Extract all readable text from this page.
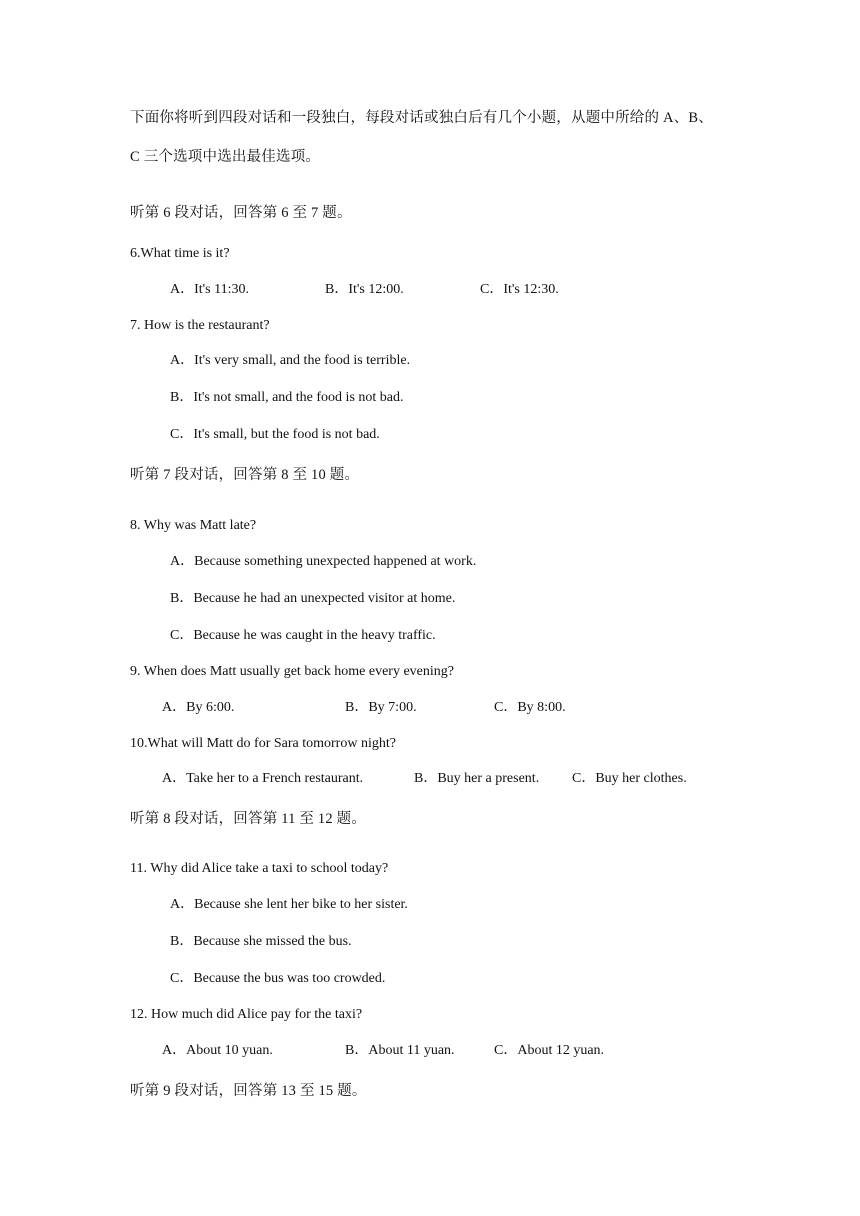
下面你将听到四段对话和一段独白，每段对话或独白后有几个小题，从题中所给的 A、B、
C 三个选项中选出最佳选项。
听第 6 段对话，回答第 6 至 7 题。
6.What time is it?
A．It's 11:30.	B．It's 12:00.	C．It's 12:30.
7. How is the restaurant?
A．It's very small, and the food is terrible.
B．It's not small, and the food is not bad.
C．It's small, but the food is not bad.
听第 7 段对话，回答第 8 至 10 题。
8. Why was Matt late?
A．Because something unexpected happened at work.
B．Because he had an unexpected visitor at home.
C．Because he was caught in the heavy traffic.
9. When does Matt usually get back home every evening?
A．By 6:00.	B．By 7:00.	C．By 8:00.
10.What will Matt do for Sara tomorrow night?
A．Take her to a French restaurant.	B．Buy her a present. C．Buy her clothes.
听第 8 段对话，回答第 11 至 12 题。
11. Why did Alice take a taxi to school today?
A．Because she lent her bike to her sister.
B．Because she missed the bus.
C．Because the bus was too crowded.
12. How much did Alice pay for the taxi?
A．About 10 yuan.	B．About 11 yuan.	C．About 12 yuan.
听第 9 段对话，回答第 13 至 15 题。
